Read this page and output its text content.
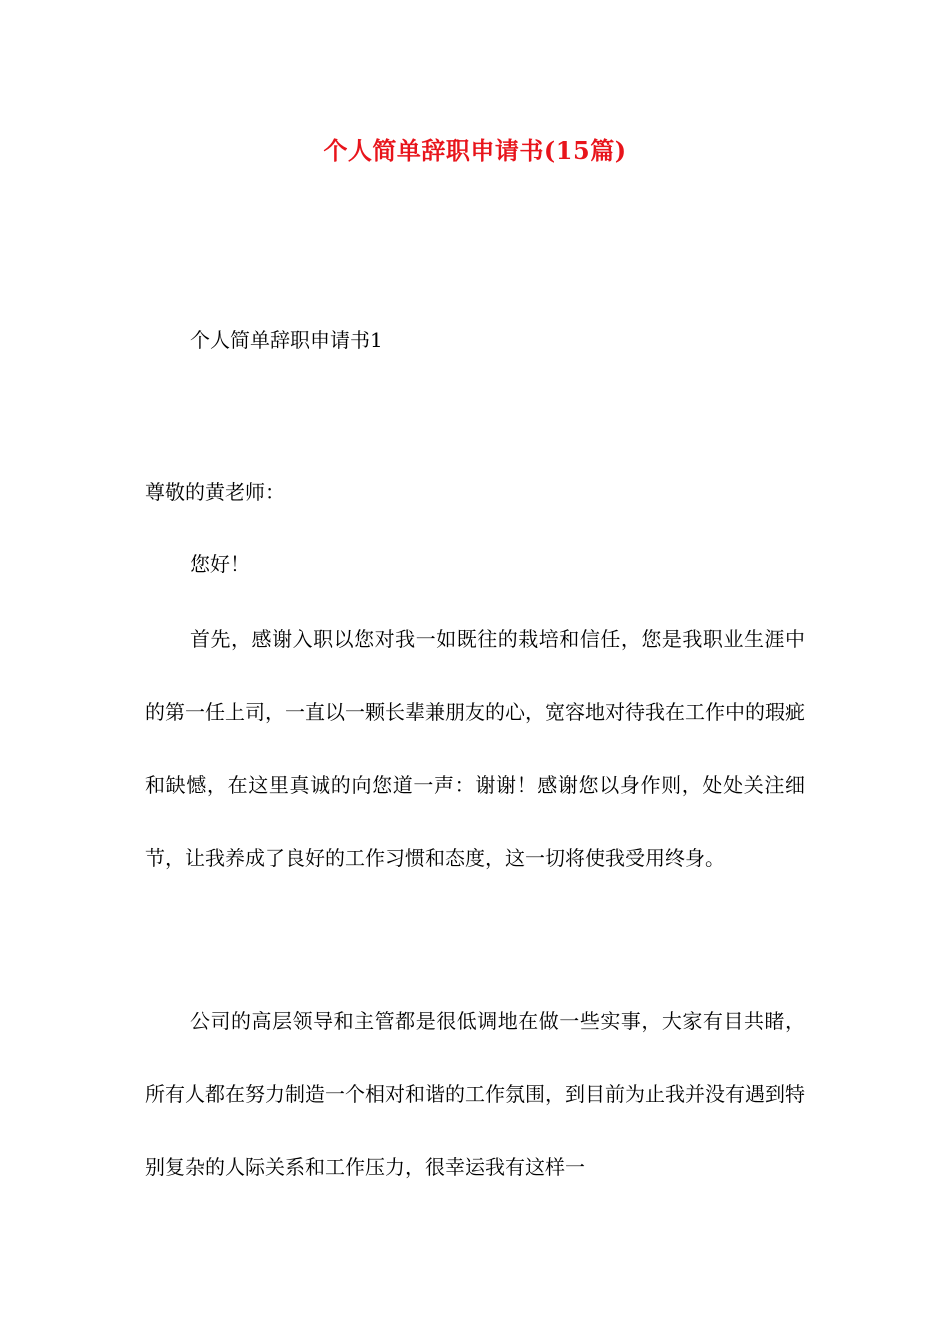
个人简单辞职申请书(15篇)
个人简单辞职申请书1
尊敬的黄老师：
您好！
首先，感谢入职以您对我一如既往的栽培和信任，您是我职业生涯中的第一任上司，一直以一颗长辈兼朋友的心，宽容地对待我在工作中的瑕疵和缺憾，在这里真诚的向您道一声：谢谢！感谢您以身作则，处处关注细节，让我养成了良好的工作习惯和态度，这一切将使我受用终身。
公司的高层领导和主管都是很低调地在做一些实事，大家有目共睹，所有人都在努力制造一个相对和谐的工作氛围，到目前为止我并没有遇到特别复杂的人际关系和工作压力，很幸运我有这样一
